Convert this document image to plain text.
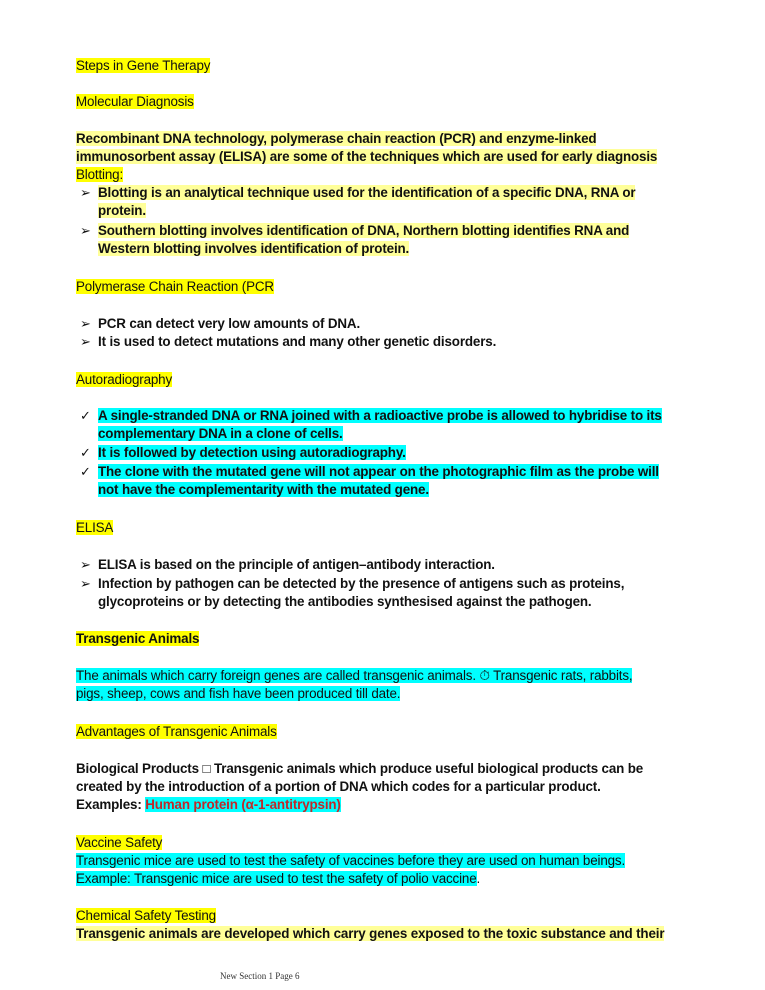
Steps in Gene Therapy
Molecular Diagnosis
Recombinant DNA technology, polymerase chain reaction (PCR) and enzyme-linked
immunosorbent assay (ELISA) are some of the techniques which are used for early diagnosis
Blotting:
➢ Blotting is an analytical technique used for the identification of a specific DNA, RNA or
protein.
➢ Southern blotting involves identification of DNA, Northern blotting identifies RNA and
Western blotting involves identification of protein.
Polymerase Chain Reaction (PCR
➢ PCR can detect very low amounts of DNA.
➢ It is used to detect mutations and many other genetic disorders.
Autoradiography
✓ A single-stranded DNA or RNA joined with a radioactive probe is allowed to hybridise to its
complementary DNA in a clone of cells.
✓ It is followed by detection using autoradiography.
✓ The clone with the mutated gene will not appear on the photographic film as the probe will
not have the complementarity with the mutated gene.
ELISA
➢ ELISA is based on the principle of antigen–antibody interaction.
➢ Infection by pathogen can be detected by the presence of antigens such as proteins,
glycoproteins or by detecting the antibodies synthesised against the pathogen.
Transgenic Animals
The animals which carry foreign genes are called transgenic animals. ⏱ Transgenic rats, rabbits,
pigs, sheep, cows and fish have been produced till date.
Advantages of Transgenic Animals
Biological Products □ Transgenic animals which produce useful biological products can be
created by the introduction of a portion of DNA which codes for a particular product.
Examples: Human protein (α-1-antitrypsin)
Vaccine Safety
Transgenic mice are used to test the safety of vaccines before they are used on human beings.
Example: Transgenic mice are used to test the safety of polio vaccine.
Chemical Safety Testing
Transgenic animals are developed which carry genes exposed to the toxic substance and their
New Section 1 Page 6
